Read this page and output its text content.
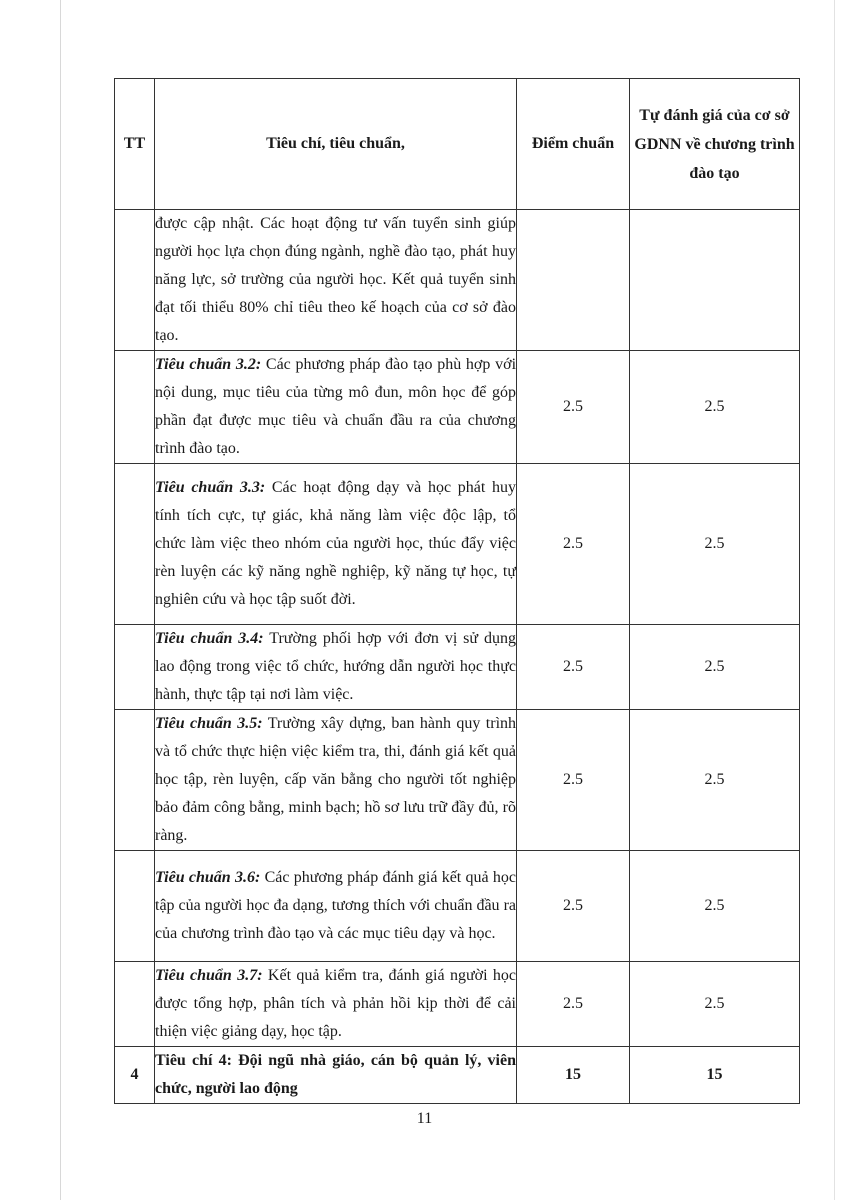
TT	Tiêu chí, tiêu chuẩn,	Điểm chuẩn	Tự đánh giá của cơ sở GDNN về chương trình đào tạo
	được cập nhật. Các hoạt động tư vấn tuyển sinh giúp người học lựa chọn đúng ngành, nghề đào tạo, phát huy năng lực, sở trường của người học. Kết quả tuyển sinh đạt tối thiểu 80% chỉ tiêu theo kế hoạch của cơ sở đào tạo.		
	Tiêu chuẩn 3.2: Các phương pháp đào tạo phù hợp với nội dung, mục tiêu của từng mô đun, môn học để góp phần đạt được mục tiêu và chuẩn đầu ra của chương trình đào tạo.	2.5	2.5
	Tiêu chuẩn 3.3: Các hoạt động dạy và học phát huy tính tích cực, tự giác, khả năng làm việc độc lập, tổ chức làm việc theo nhóm của người học, thúc đẩy việc rèn luyện các kỹ năng nghề nghiệp, kỹ năng tự học, tự nghiên cứu và học tập suốt đời.	2.5	2.5
	Tiêu chuẩn 3.4: Trường phối hợp với đơn vị sử dụng lao động trong việc tổ chức, hướng dẫn người học thực hành, thực tập tại nơi làm việc.	2.5	2.5
	Tiêu chuẩn 3.5: Trường xây dựng, ban hành quy trình và tổ chức thực hiện việc kiểm tra, thi, đánh giá kết quả học tập, rèn luyện, cấp văn bằng cho người tốt nghiệp bảo đảm công bằng, minh bạch; hồ sơ lưu trữ đầy đủ, rõ ràng.	2.5	2.5
	Tiêu chuẩn 3.6: Các phương pháp đánh giá kết quả học tập của người học đa dạng, tương thích với chuẩn đầu ra của chương trình đào tạo và các mục tiêu dạy và học.	2.5	2.5
	Tiêu chuẩn 3.7: Kết quả kiểm tra, đánh giá người học được tổng hợp, phân tích và phản hồi kịp thời để cải thiện việc giảng dạy, học tập.	2.5	2.5
4	Tiêu chí 4: Đội ngũ nhà giáo, cán bộ quản lý, viên chức, người lao động	15	15
11
